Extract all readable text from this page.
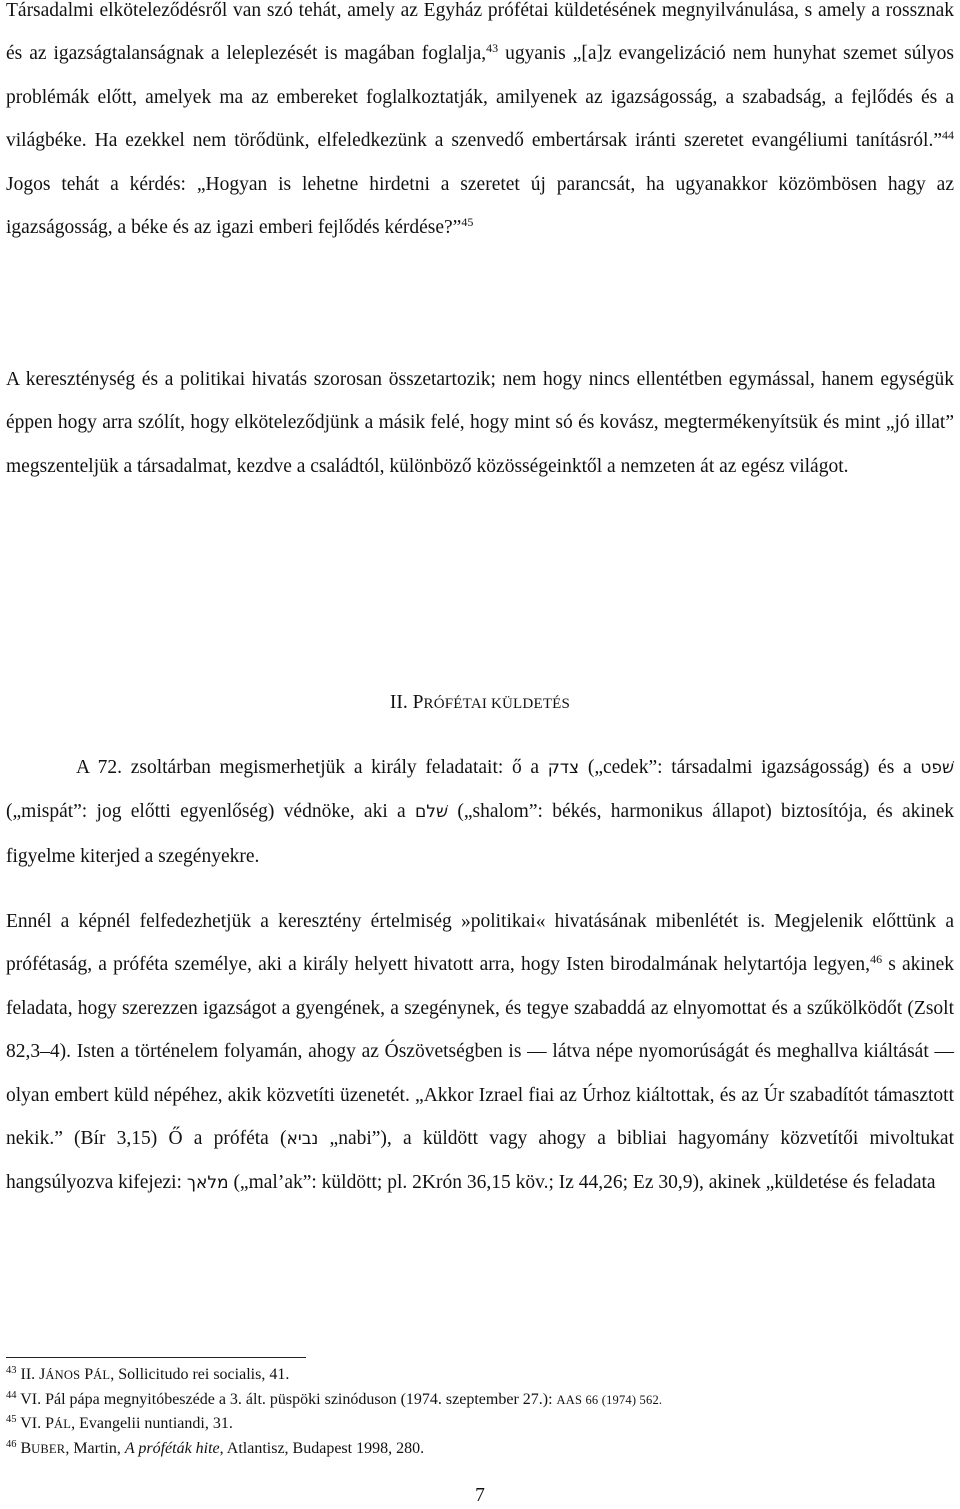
Társadalmi elköteleződésről van szó tehát, amely az Egyház prófétai küldetésének megnyilvánulása, s amely a rossznak és az igazságtalanságnak a leleplezését is magában foglalja,$^{43}$ ugyanis „[a]z evangelizáció nem hunyhat szemet súlyos problémák előtt, amelyek ma az embereket foglalkoztatják, amilyenek az igazságosság, a szabadság, a fejlődés és a világbéke. Ha ezekkel nem törődünk, elfeledkezünk a szenvedő embertársak iránti szeretet evangéliumi tanításról.”$^{44}$ Jogos tehát a kérdés: „Hogyan is lehetne hirdetni a szeretet új parancsát, ha ugyanakkor közömbösen hagy az igazságosság, a béke és az igazi emberi fejlődés kérdése?”$^{45}$

A kereszténység és a politikai hivatás szorosan összetartozik; nem hogy nincs ellentétben egymással, hanem egységük éppen hogy arra szólít, hogy elköteleződjünk a másik felé, hogy mint só és kovász, megtermékenyítsük és mint „jó illat” megszenteljük a társadalmat, kezdve a családtól, különböző közösségeinktől a nemzeten át az egész világot.

II. PRÓFÉTAI KÜLDETÉS

A 72. zsoltárban megismerhetjük a király feladatait: ő a צדק („cedek”: társadalmi igazságosság) és a שׁפט („mispát”: jog előtti egyenlőség) védnöke, aki a שׁלם („shalom”: békés, harmonikus állapot) biztosítója, és akinek figyelme kiterjed a szegényekre.

Ennél a képnél felfedezhetjük a keresztény értelmiség »politikai« hivatásának mibenlétét is. Megjelenik előttünk a prófétaság, a próféta személye, aki a király helyett hivatott arra, hogy Isten birodalmának helytartója legyen,$^{46}$ s akinek feladata, hogy szerezzen igazságot a gyengének, a szegénynek, és tegye szabaddá az elnyomottat és a szűkölködőt (Zsolt 82,3–4). Isten a történelem folyamán, ahogy az Ószövetségben is — látva népe nyomorúságát és meghallva kiáltását — olyan embert küld népéhez, akik közvetíti üzenetét. „Akkor Izrael fiai az Úrhoz kiáltottak, és az Úr szabadítót támasztott nekik.” (Bír 3,15) Ő a próféta (נביא „nabi”), a küldött vagy ahogy a bibliai hagyomány közvetítői mivoltukat hangsúlyozva kifejezi: מלאך („mal’ak”: küldött; pl. 2Krón 36,15 köv.; Iz 44,26; Ez 30,9), akinek „küldetése és feladata

$^{43}$ II. JÁNOS PÁL, Sollicitudo rei socialis, 41.

$^{44}$ VI. Pál pápa megnyitóbeszéde a 3. ált. püspöki szinóduson (1974. szeptember 27.): AAS 66 (1974) 562.

$^{45}$ VI. PÁL, Evangelii nuntiandi, 31.

$^{46}$ BUBER, Martin, A próféták hite, Atlantisz, Budapest 1998, 280.

7
